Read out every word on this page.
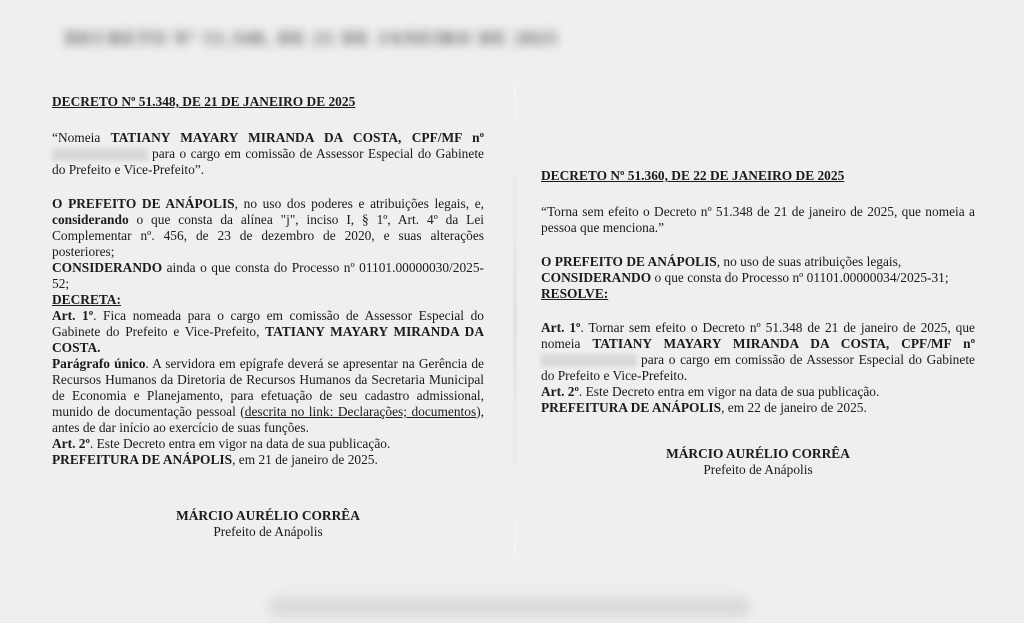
DECRETO Nº 51.348, DE 21 DE JANEIRO DE 2025

DECRETO Nº 51.348, DE 21 DE JANEIRO DE 2025

“Nomeia TATIANY MAYARY MIRANDA DA COSTA, CPF/MF nº para o cargo em comissão de Assessor Especial do Gabinete do Prefeito e Vice-Prefeito”.

O PREFEITO DE ANÁPOLIS, no uso dos poderes e atribuições legais, e, considerando o que consta da alínea "j", inciso I, § 1º, Art. 4º da Lei Complementar nº. 456, de 23 de dezembro de 2020, e suas alterações posteriores;

CONSIDERANDO ainda o que consta do Processo nº 01101.00000030/2025-52;

DECRETA:

Art. 1º. Fica nomeada para o cargo em comissão de Assessor Especial do Gabinete do Prefeito e Vice-Prefeito, TATIANY MAYARY MIRANDA DA COSTA.

Parágrafo único. A servidora em epígrafe deverá se apresentar na Gerência de Recursos Humanos da Diretoria de Recursos Humanos da Secretaria Municipal de Economia e Planejamento, para efetuação de seu cadastro admissional, munido de documentação pessoal (descrita no link: Declarações; documentos), antes de dar início ao exercício de suas funções.

Art. 2º. Este Decreto entra em vigor na data de sua publicação.

PREFEITURA DE ANÁPOLIS, em 21 de janeiro de 2025.

MÁRCIO AURÉLIO CORRÊA
Prefeito de Anápolis

DECRETO Nº 51.360, DE 22 DE JANEIRO DE 2025

“Torna sem efeito o Decreto nº 51.348 de 21 de janeiro de 2025, que nomeia a pessoa que menciona.”

O PREFEITO DE ANÁPOLIS, no uso de suas atribuições legais,

CONSIDERANDO o que consta do Processo nº 01101.00000034/2025-31;

RESOLVE:

Art. 1º. Tornar sem efeito o Decreto nº 51.348 de 21 de janeiro de 2025, que nomeia TATIANY MAYARY MIRANDA DA COSTA, CPF/MF nº para o cargo em comissão de Assessor Especial do Gabinete do Prefeito e Vice-Prefeito.

Art. 2º. Este Decreto entra em vigor na data de sua publicação.

PREFEITURA DE ANÁPOLIS, em 22 de janeiro de 2025.

MÁRCIO AURÉLIO CORRÊA
Prefeito de Anápolis
